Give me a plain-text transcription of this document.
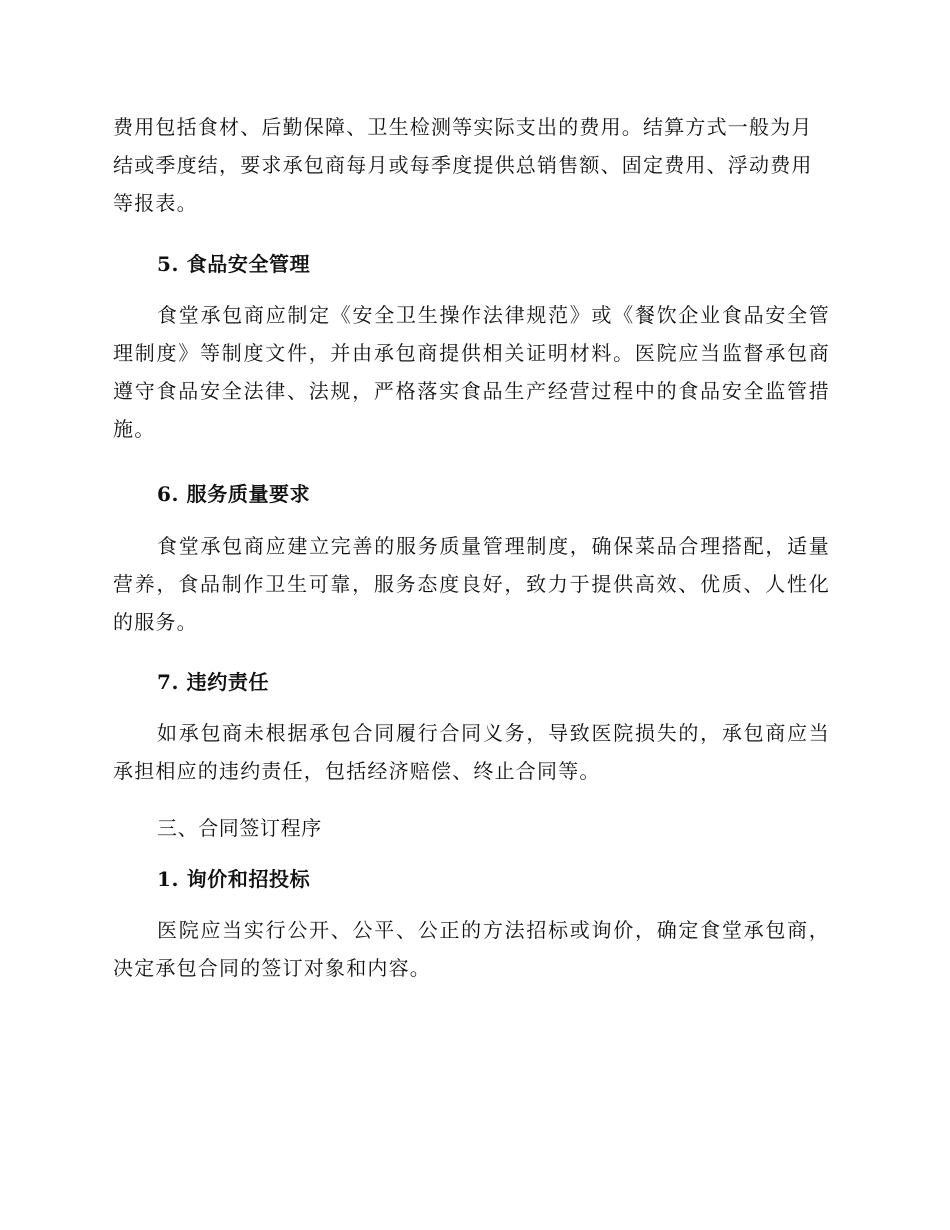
费用包括食材、后勤保障、卫生检测等实际支出的费用。结算方式一般为月结或季度结，要求承包商每月或每季度提供总销售额、固定费用、浮动费用等报表。

5. 食品安全管理

食堂承包商应制定《安全卫生操作法律规范》或《餐饮企业食品安全管理制度》等制度文件，并由承包商提供相关证明材料。医院应当监督承包商遵守食品安全法律、法规，严格落实食品生产经营过程中的食品安全监管措施。

6. 服务质量要求

食堂承包商应建立完善的服务质量管理制度，确保菜品合理搭配，适量营养，食品制作卫生可靠，服务态度良好，致力于提供高效、优质、人性化的服务。

7. 违约责任

如承包商未根据承包合同履行合同义务，导致医院损失的，承包商应当承担相应的违约责任，包括经济赔偿、终止合同等。

三、合同签订程序

1. 询价和招投标

医院应当实行公开、公平、公正的方法招标或询价，确定食堂承包商，决定承包合同的签订对象和内容。
